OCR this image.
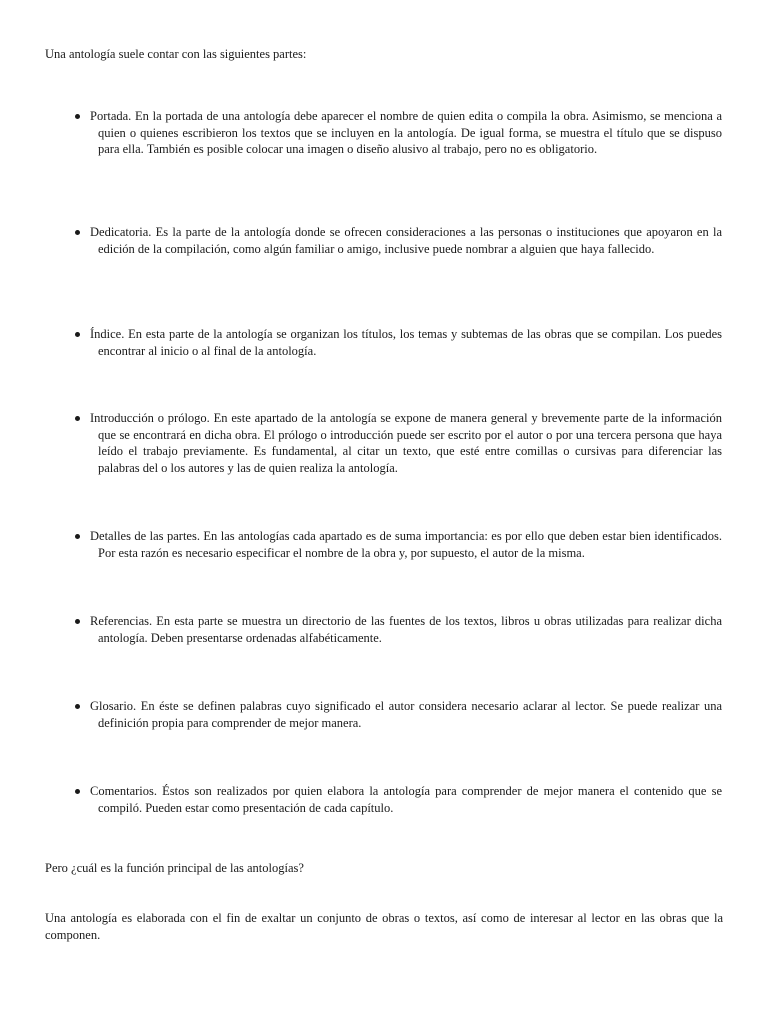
Una antología suele contar con las siguientes partes:

Portada. En la portada de una antología debe aparecer el nombre de quien edita o compila la obra. Asimismo, se menciona a quien o quienes escribieron los textos que se incluyen en la antología. De igual forma, se muestra el título que se dispuso para ella. También es posible colocar una imagen o diseño alusivo al trabajo, pero no es obligatorio.

Dedicatoria. Es la parte de la antología donde se ofrecen consideraciones a las personas o instituciones que apoyaron en la edición de la compilación, como algún familiar o amigo, inclusive puede nombrar a alguien que haya fallecido.

Índice. En esta parte de la antología se organizan los títulos, los temas y subtemas de las obras que se compilan. Los puedes encontrar al inicio o al final de la antología.

Introducción o prólogo. En este apartado de la antología se expone de manera general y brevemente parte de la información que se encontrará en dicha obra. El prólogo o introducción puede ser escrito por el autor o por una tercera persona que haya leído el trabajo previamente. Es fundamental, al citar un texto, que esté entre comillas o cursivas para diferenciar las palabras del o los autores y las de quien realiza la antología.

Detalles de las partes. En las antologías cada apartado es de suma importancia: es por ello que deben estar bien identificados. Por esta razón es necesario especificar el nombre de la obra y, por supuesto, el autor de la misma.

Referencias. En esta parte se muestra un directorio de las fuentes de los textos, libros u obras utilizadas para realizar dicha antología. Deben presentarse ordenadas alfabéticamente.

Glosario. En éste se definen palabras cuyo significado el autor considera necesario aclarar al lector. Se puede realizar una definición propia para comprender de mejor manera.

Comentarios. Éstos son realizados por quien elabora la antología para comprender de mejor manera el contenido que se compiló. Pueden estar como presentación de cada capítulo.

Pero ¿cuál es la función principal de las antologías?

Una antología es elaborada con el fin de exaltar un conjunto de obras o textos, así como de interesar al lector en las obras que la componen.
